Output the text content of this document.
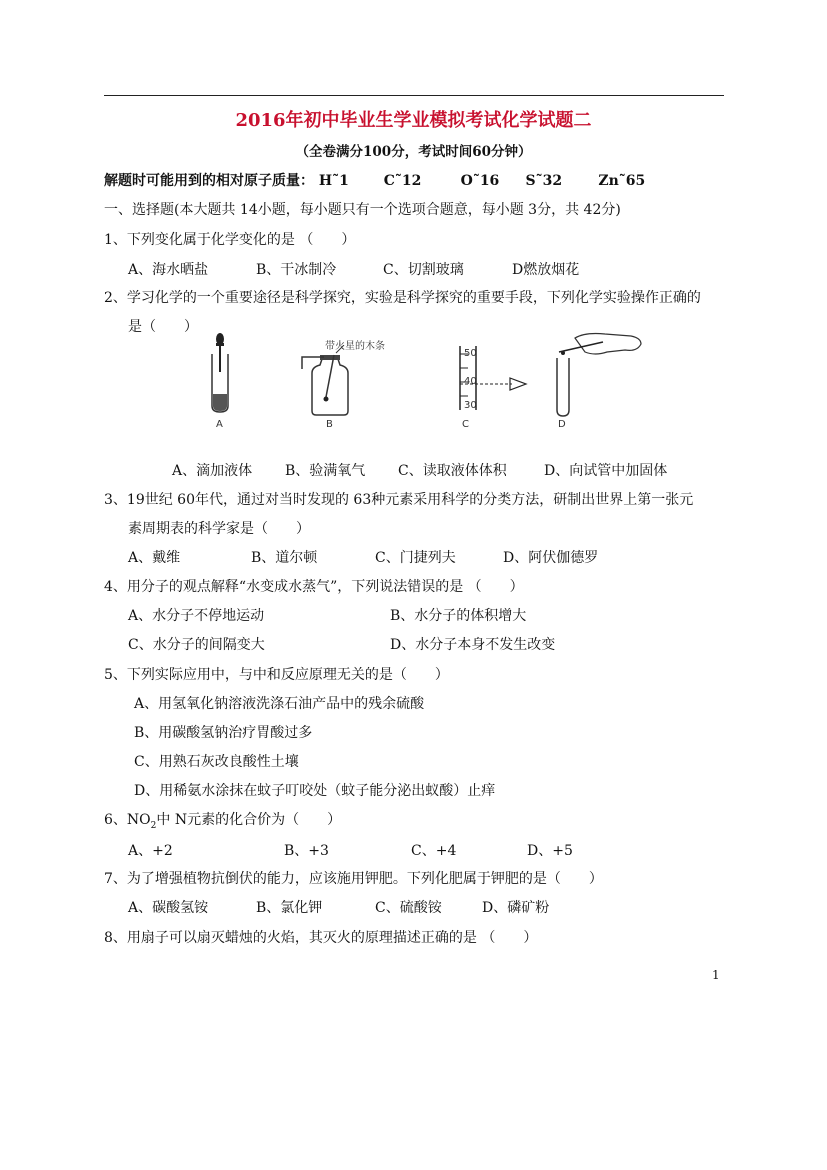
2016年初中毕业生学业模拟考试化学试题二
（全卷满分100分，考试时间60分钟）
解题时可能用到的相对原子质量： H˜1 C˜12	O˜16 S˜32	Zn˜65
一、选择题(本大题共 14小题，每小题只有一个选项合题意，每小题 3分，共 42分)
1、下列变化属于化学变化的是 （　　）
A、海水晒盐	B、干冰制冷	C、切割玻璃	D燃放烟花
2、学习化学的一个重要途径是科学探究，实验是科学探究的重要手段，下列化学实验操作正确的
是（　　）
A
带火星的木条
B
50
40
30
C	D
A、滴加液体 B、验满氧气 C、读取液体体积	D、向试管中加固体
3、19世纪 60年代，通过对当时发现的 63种元素采用科学的分类方法，研制出世界上第一张元
素周期表的科学家是（　　）
A、戴维	B、道尔顿	C、门捷列夫	D、阿伏伽德罗
4、用分子的观点解释“水变成水蒸气”，下列说法错误的是 （　　）
A、水分子不停地运动	B、水分子的体积增大
C、水分子的间隔变大	D、水分子本身不发生改变
5、下列实际应用中，与中和反应原理无关的是（　　）
A、用氢氧化钠溶液洗涤石油产品中的残余硫酸
B、用碳酸氢钠治疗胃酸过多
C、用熟石灰改良酸性土壤
D、用稀氨水涂抹在蚊子叮咬处（蚊子能分泌出蚁酸）止痒
6、$NO_2$中 N元素的化合价为（　　）
A、+2	B、+3	C、+4	D、+5
7、为了增强植物抗倒伏的能力，应该施用钾肥。下列化肥属于钾肥的是（　　）
A、碳酸氢铵	B、氯化钾	C、硫酸铵	D、磷矿粉
8、用扇子可以扇灭蜡烛的火焰，其灭火的原理描述正确的是 （　　）
1
